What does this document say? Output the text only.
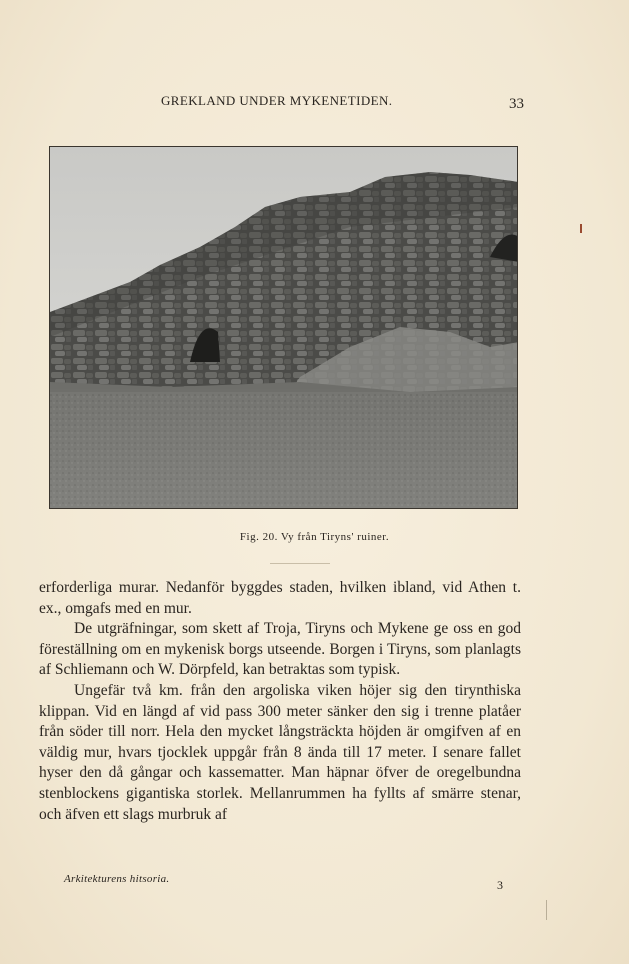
GREKLAND UNDER MYKENETIDEN.	33
Fig. 20. Vy från Tiryns' ruiner.

erforderliga murar. Nedanför byggdes staden, hvilken ibland, vid Athen t. ex., omgafs med en mur.

De utgräfningar, som skett af Troja, Tiryns och Mykene ge oss en god föreställning om en mykenisk borgs utseende. Borgen i Tiryns, som planlagts af Schliemann och W. Dörpfeld, kan betraktas som typisk.

Ungefär två km. från den argoliska viken höjer sig den tirynthiska klippan. Vid en längd af vid pass 300 meter sänker den sig i trenne platåer från söder till norr. Hela den mycket långsträckta höjden är omgifven af en väldig mur, hvars tjocklek uppgår från 8 ända till 17 meter. I senare fallet hyser den då gångar och kassematter. Man häpnar öfver de oregelbundna stenblockens gigantiska storlek. Mellanrummen ha fyllts af smärre stenar, och äfven ett slags murbruk af

Arkitekturens hitsoria.	3
